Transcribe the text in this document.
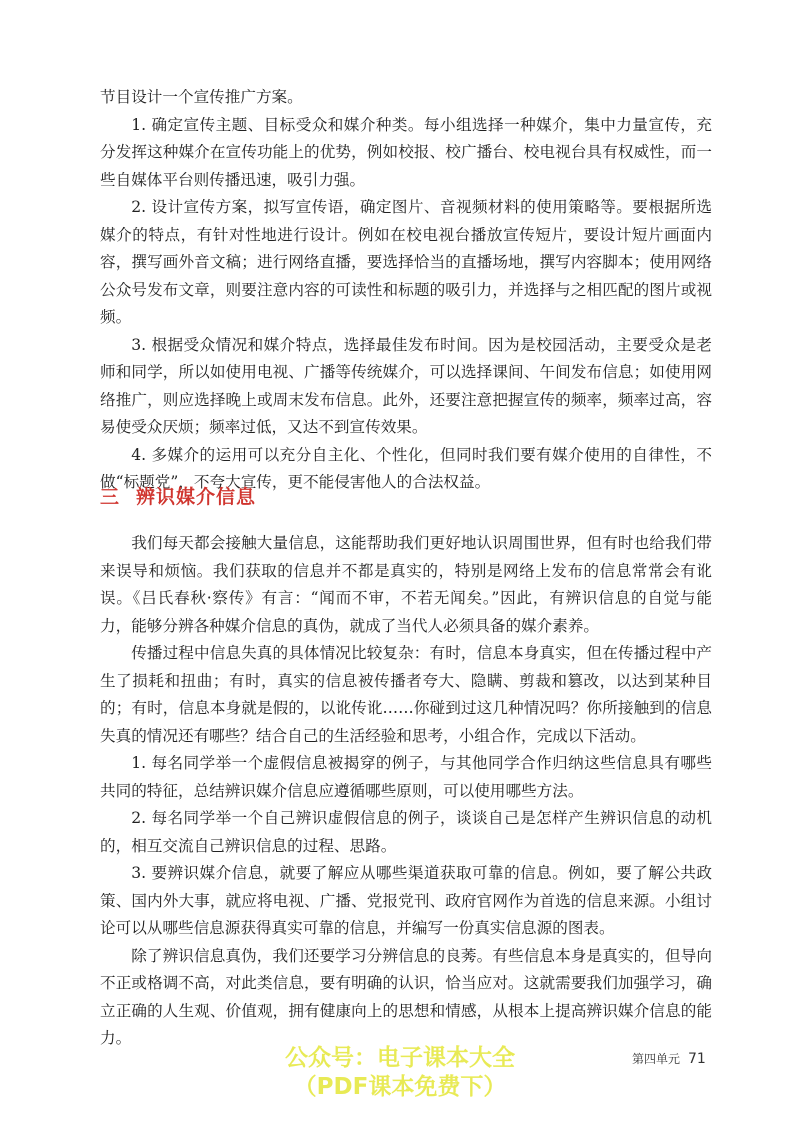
节目设计一个宣传推广方案。

1. 确定宣传主题、目标受众和媒介种类。每小组选择一种媒介，集中力量宣传，充分发挥这种媒介在宣传功能上的优势，例如校报、校广播台、校电视台具有权威性，而一些自媒体平台则传播迅速，吸引力强。

2. 设计宣传方案，拟写宣传语，确定图片、音视频材料的使用策略等。要根据所选媒介的特点，有针对性地进行设计。例如在校电视台播放宣传短片，要设计短片画面内容，撰写画外音文稿；进行网络直播，要选择恰当的直播场地，撰写内容脚本；使用网络公众号发布文章，则要注意内容的可读性和标题的吸引力，并选择与之相匹配的图片或视频。

3. 根据受众情况和媒介特点，选择最佳发布时间。因为是校园活动，主要受众是老师和同学，所以如使用电视、广播等传统媒介，可以选择课间、午间发布信息；如使用网络推广，则应选择晚上或周末发布信息。此外，还要注意把握宣传的频率，频率过高，容易使受众厌烦；频率过低，又达不到宣传效果。

4. 多媒介的运用可以充分自主化、个性化，但同时我们要有媒介使用的自律性，不做“标题党”，不夸大宣传，更不能侵害他人的合法权益。

三 辨识媒介信息

我们每天都会接触大量信息，这能帮助我们更好地认识周围世界，但有时也给我们带来误导和烦恼。我们获取的信息并不都是真实的，特别是网络上发布的信息常常会有讹误。《吕氏春秋·察传》有言：“闻而不审，不若无闻矣。”因此，有辨识信息的自觉与能力，能够分辨各种媒介信息的真伪，就成了当代人必须具备的媒介素养。

传播过程中信息失真的具体情况比较复杂：有时，信息本身真实，但在传播过程中产生了损耗和扭曲；有时，真实的信息被传播者夸大、隐瞒、剪裁和篡改，以达到某种目的；有时，信息本身就是假的，以讹传讹……你碰到过这几种情况吗？你所接触到的信息失真的情况还有哪些？结合自己的生活经验和思考，小组合作，完成以下活动。

1. 每名同学举一个虚假信息被揭穿的例子，与其他同学合作归纳这些信息具有哪些共同的特征，总结辨识媒介信息应遵循哪些原则，可以使用哪些方法。

2. 每名同学举一个自己辨识虚假信息的例子，谈谈自己是怎样产生辨识信息的动机的，相互交流自己辨识信息的过程、思路。

3. 要辨识媒介信息，就要了解应从哪些渠道获取可靠的信息。例如，要了解公共政策、国内外大事，就应将电视、广播、党报党刊、政府官网作为首选的信息来源。小组讨论可以从哪些信息源获得真实可靠的信息，并编写一份真实信息源的图表。

除了辨识信息真伪，我们还要学习分辨信息的良莠。有些信息本身是真实的，但导向不正或格调不高，对此类信息，要有明确的认识，恰当应对。这就需要我们加强学习，确立正确的人生观、价值观，拥有健康向上的思想和情感，从根本上提高辨识媒介信息的能力。

公众号：电子课本大全
（PDF课本免费下）
第四单元 71
